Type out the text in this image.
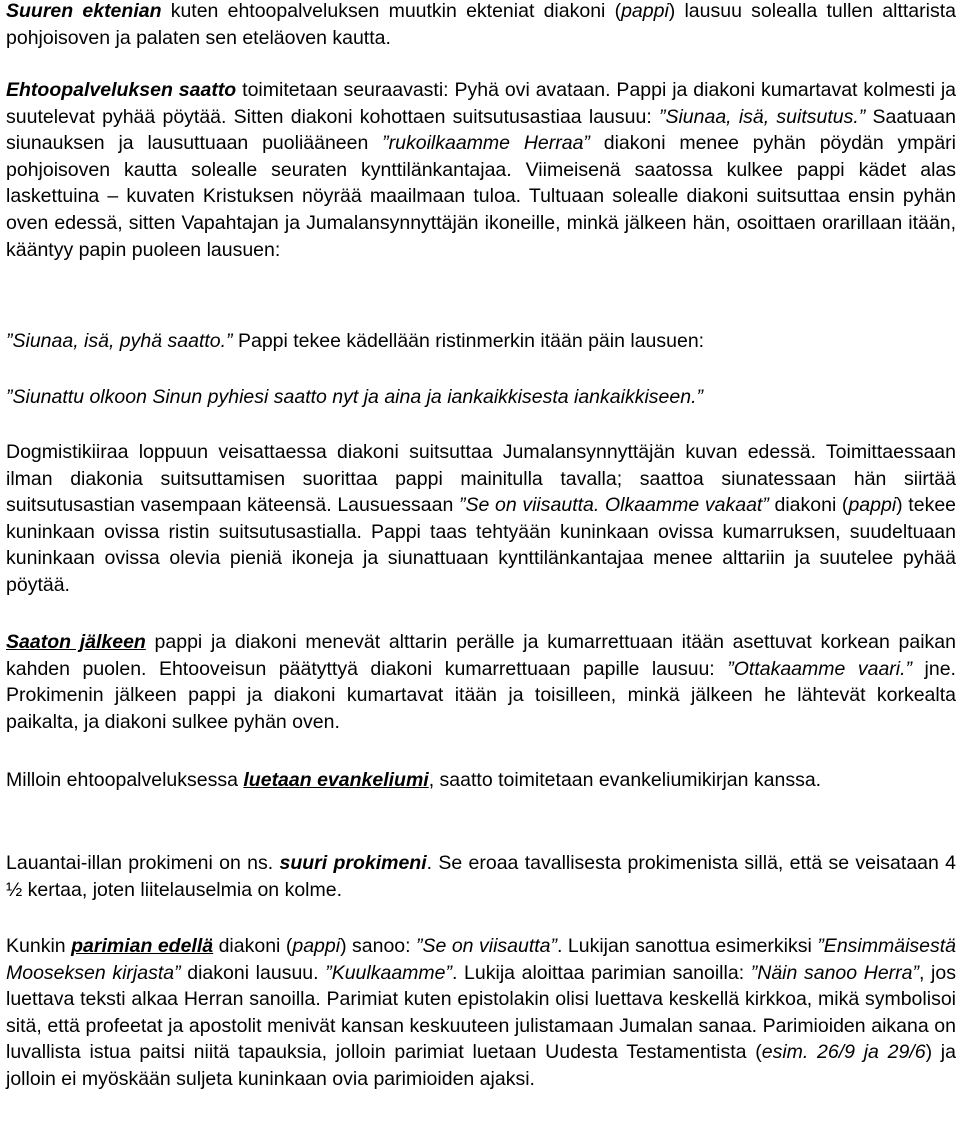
Suuren ektenian kuten ehtoopalveluksen muutkin ekteniat diakoni (pappi) lausuu solealla tullen alttarista pohjoisoven ja palaten sen eteläoven kautta.

Ehtoopalveluksen saatto toimitetaan seuraavasti: Pyhä ovi avataan. Pappi ja diakoni kumartavat kolmesti ja suutelevat pyhää pöytää. Sitten diakoni kohottaen suitsutusastiaa lausuu: ”Siunaa, isä, suitsutus.” Saatuaan siunauksen ja lausuttuaan puoliääneen ”rukoilkaamme Herraa” diakoni menee pyhän pöydän ympäri pohjoisoven kautta solealle seuraten kynttilänkantajaa. Viimeisenä saatossa kulkee pappi kädet alas laskettuina – kuvaten Kristuksen nöyrää maailmaan tuloa. Tultuaan solealle diakoni suitsuttaa ensin pyhän oven edessä, sitten Vapahtajan ja Jumalansynnyttäjän ikoneille, minkä jälkeen hän, osoittaen orarillaan itään, kääntyy papin puoleen lausuen:

”Siunaa, isä, pyhä saatto.” Pappi tekee kädellään ristinmerkin itään päin lausuen:

”Siunattu olkoon Sinun pyhiesi saatto nyt ja aina ja iankaikkisesta iankaikkiseen.”

Dogmistikiiraa loppuun veisattaessa diakoni suitsuttaa Jumalansynnyttäjän kuvan edessä. Toimittaessaan ilman diakonia suitsuttamisen suorittaa pappi mainitulla tavalla; saattoa siunatessaan hän siirtää suitsutusastian vasempaan käteensä. Lausuessaan ”Se on viisautta. Olkaamme vakaat” diakoni (pappi) tekee kuninkaan ovissa ristin suitsutusastialla. Pappi taas tehtyään kuninkaan ovissa kumarruksen, suudeltuaan kuninkaan ovissa olevia pieniä ikoneja ja siunattuaan kynttilänkantajaa menee alttariin ja suutelee pyhää pöytää.

Saaton jälkeen pappi ja diakoni menevät alttarin perälle ja kumarrettuaan itään asettuvat korkean paikan kahden puolen. Ehtooveisun päätyttyä diakoni kumarrettuaan papille lausuu: ”Ottakaamme vaari.” jne. Prokimenin jälkeen pappi ja diakoni kumartavat itään ja toisilleen, minkä jälkeen he lähtevät korkealta paikalta, ja diakoni sulkee pyhän oven.

Milloin ehtoopalveluksessa luetaan evankeliumi, saatto toimitetaan evankeliumikirjan kanssa.

Lauantai-illan prokimeni on ns. suuri prokimeni. Se eroaa tavallisesta prokimenista sillä, että se veisataan 4 ½ kertaa, joten liitelauselmia on kolme.

Kunkin parimian edellä diakoni (pappi) sanoo: ”Se on viisautta”. Lukijan sanottua esimerkiksi ”Ensimmäisestä Mooseksen kirjasta” diakoni lausuu. ”Kuulkaamme”. Lukija aloittaa parimian sanoilla: ”Näin sanoo Herra”, jos luettava teksti alkaa Herran sanoilla. Parimiat kuten epistolakin olisi luettava keskellä kirkkoa, mikä symbolisoi sitä, että profeetat ja apostolit menivät kansan keskuuteen julistamaan Jumalan sanaa. Parimioiden aikana on luvallista istua paitsi niitä tapauksia, jolloin parimiat luetaan Uudesta Testamentista (esim. 26/9 ja 29/6) ja jolloin ei myöskään suljeta kuninkaan ovia parimioiden ajaksi.
